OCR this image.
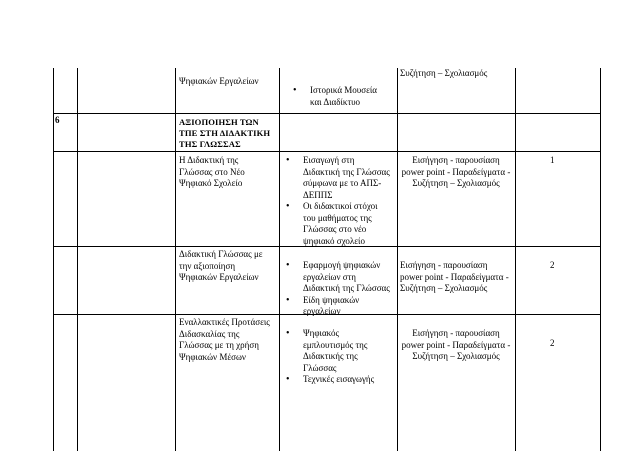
Ψηφιακών Εργαλείων
• Ιστορικά Μουσεία
και Διαδίκτυο
Συζήτηση – Σχολιασμός
6	ΑΞΙΟΠΟΙΗΣΗ ΤΩΝ
ΤΠΕ ΣΤΗ ΔΙΔΑΚΤΙΚΗ
ΤΗΣ ΓΛΩΣΣΑΣ
Η Διδακτική της
Γλώσσας στο Νέο
Ψηφιακό Σχολείο
• Εισαγωγή στη
Διδακτική της Γλώσσας
σύμφωνα με το ΑΠΣ-
ΔΕΠΠΣ
• Οι διδακτικοί στόχοι
του μαθήματος της
Γλώσσας στο νέο
ψηφιακό σχολείο
Εισήγηση - παρουσίαση
power point - Παραδείγματα -
Συζήτηση – Σχολιασμός
1
Διδακτική Γλώσσας με
την αξιοποίηση
Ψηφιακών Εργαλείων
• Εφαρμογή ψηφιακών
εργαλείων στη
Διδακτική της Γλώσσας
• Είδη ψηφιακών
εργαλείων
Εισήγηση - παρουσίαση
power point - Παραδείγματα -
Συζήτηση – Σχολιασμός
2
Εναλλακτικές Προτάσεις
Διδασκαλίας της
Γλώσσας με τη χρήση
Ψηφιακών Μέσων
• Ψηφιακός
εμπλουτισμός της
Διδακτικής της
Γλώσσας
• Τεχνικές εισαγωγής
Εισήγηση - παρουσίαση
power point - Παραδείγματα -
Συζήτηση – Σχολιασμός
2
